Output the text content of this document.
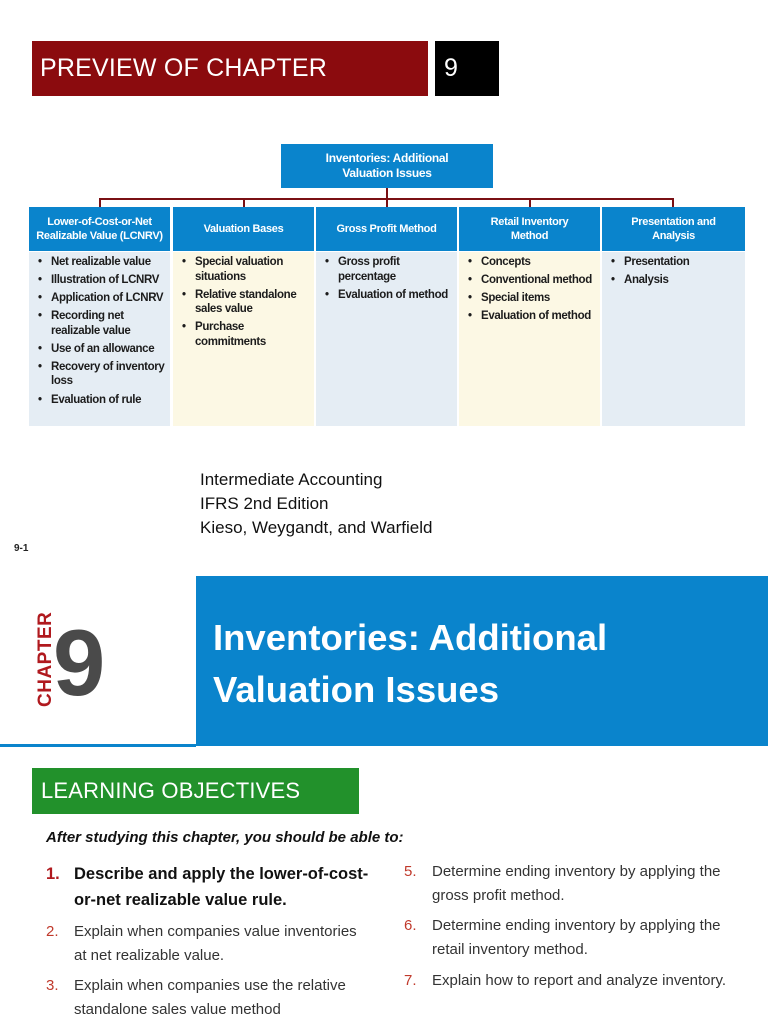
PREVIEW OF CHAPTER	9
Inventories: Additional Valuation Issues
Lower-of-Cost-or-Net Realizable Value (LCNRV)
Valuation Bases	Gross Profit Method
Retail Inventory Method
Presentation and Analysis
• Net realizable value
• Illustration of LCNRV
• Application of LCNRV
• Recording net realizable value
• Use of an allowance
• Recovery of inventory loss
• Evaluation of rule
• Special valuation situations
• Relative standalone sales value
• Purchase commitments
• Gross profit percentage
• Evaluation of method
• Concepts
• Conventional method
• Special items
• Evaluation of method
• Presentation
• Analysis
Intermediate Accounting
IFRS 2nd Edition
Kieso, Weygandt, and Warfield
9-1
CHAPTER
9	Inventories: Additional
Valuation Issues
LEARNING OBJECTIVES
After studying this chapter, you should be able to:
1. Describe and apply the lower-of-cost-or-net realizable value rule.
2.	Explain when companies value inventories at net realizable value.
3.	Explain when companies use the relative standalone sales value method
5.	Determine ending inventory by applying the gross profit method.
6.	Determine ending inventory by applying the retail inventory method.
7.	Explain how to report and analyze inventory.
